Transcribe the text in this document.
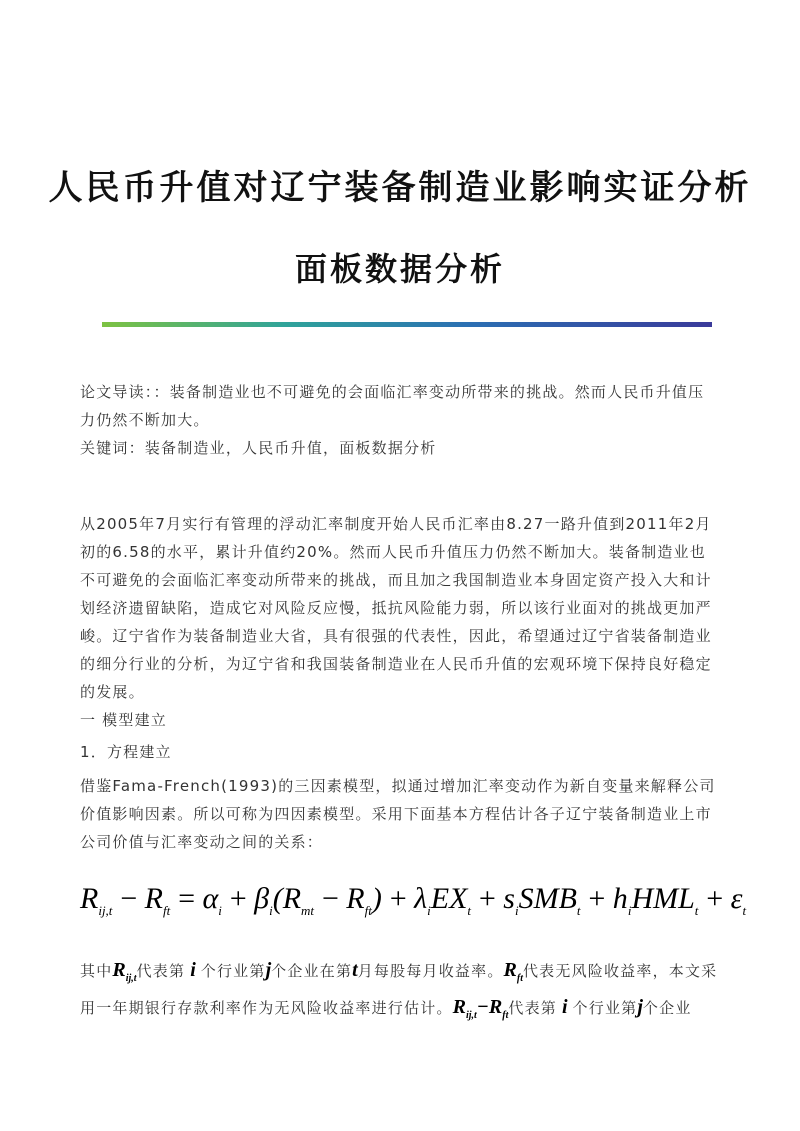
人民币升值对辽宁装备制造业影响实证分析
面板数据分析

论文导读：：装备制造业也不可避免的会面临汇率变动所带来的挑战。然而人民币升值压力仍然不断加大。

关键词：装备制造业，人民币升值，面板数据分析

从2005年7月实行有管理的浮动汇率制度开始人民币汇率由8.27一路升值到2011年2月初的6.58的水平，累计升值约20%。然而人民币升值压力仍然不断加大。装备制造业也不可避免的会面临汇率变动所带来的挑战，而且加之我国制造业本身固定资产投入大和计划经济遗留缺陷，造成它对风险反应慢，抵抗风险能力弱，所以该行业面对的挑战更加严峻。辽宁省作为装备制造业大省，具有很强的代表性，因此，希望通过辽宁省装备制造业的细分行业的分析，为辽宁省和我国装备制造业在人民币升值的宏观环境下保持良好稳定的发展。

一 模型建立

1．方程建立

借鉴Fama-French(1993)的三因素模型，拟通过增加汇率变动作为新自变量来解释公司价值影响因素。所以可称为四因素模型。采用下面基本方程估计各子辽宁装备制造业上市公司价值与汇率变动之间的关系：

$R_{ij,t} - R_{ft} = \alpha_i + \beta_i(R_{mt} - R_{ft}) + \lambda_iEX_t + s_iSMB_t + h_iHML_t + \varepsilon_t$

其中$R_{ij,t}$代表第 i 个行业第j个企业在第t月每股每月收益率。$R_{ft}$代表无风险收益率，本文采用一年期银行存款利率作为无风险收益率进行估计。$R_{ij,t}-R_{ft}$代表第 i 个行业第j个企业
